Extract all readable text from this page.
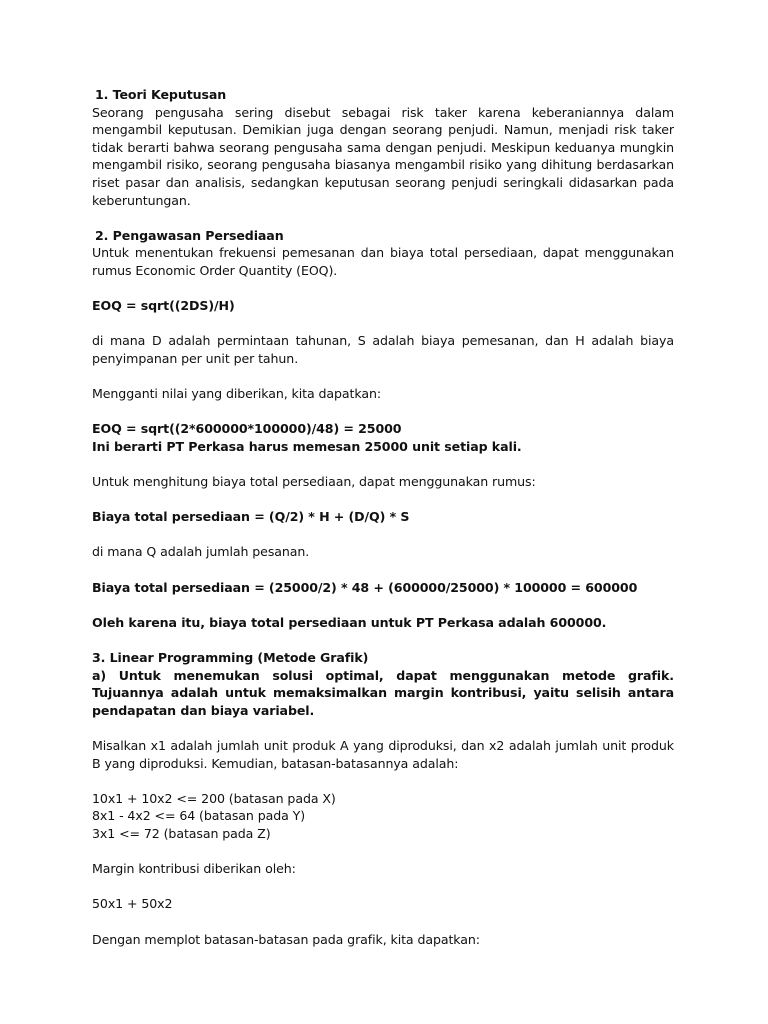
1. Teori Keputusan
Seorang pengusaha sering disebut sebagai risk taker karena keberaniannya dalam mengambil keputusan. Demikian juga dengan seorang penjudi. Namun, menjadi risk taker tidak berarti bahwa seorang pengusaha sama dengan penjudi. Meskipun keduanya mungkin mengambil risiko, seorang pengusaha biasanya mengambil risiko yang dihitung berdasarkan riset pasar dan analisis, sedangkan keputusan seorang penjudi seringkali didasarkan pada keberuntungan.
2. Pengawasan Persediaan
Untuk menentukan frekuensi pemesanan dan biaya total persediaan, dapat menggunakan rumus Economic Order Quantity (EOQ).
EOQ = sqrt((2DS)/H)
di mana D adalah permintaan tahunan, S adalah biaya pemesanan, dan H adalah biaya penyimpanan per unit per tahun.
Mengganti nilai yang diberikan, kita dapatkan:
EOQ = sqrt((2*600000*100000)/48) = 25000
Ini berarti PT Perkasa harus memesan 25000 unit setiap kali.
Untuk menghitung biaya total persediaan, dapat menggunakan rumus:
Biaya total persediaan = (Q/2) * H + (D/Q) * S
di mana Q adalah jumlah pesanan.
Biaya total persediaan = (25000/2) * 48 + (600000/25000) * 100000 = 600000
Oleh karena itu, biaya total persediaan untuk PT Perkasa adalah 600000.
3. Linear Programming (Metode Grafik)
a) Untuk menemukan solusi optimal, dapat menggunakan metode grafik. Tujuannya adalah untuk memaksimalkan margin kontribusi, yaitu selisih antara pendapatan dan biaya variabel.
Misalkan x1 adalah jumlah unit produk A yang diproduksi, dan x2 adalah jumlah unit produk B yang diproduksi. Kemudian, batasan-batasannya adalah:
10x1 + 10x2 <= 200 (batasan pada X)
8x1 - 4x2 <= 64 (batasan pada Y)
3x1 <= 72 (batasan pada Z)
Margin kontribusi diberikan oleh:
50x1 + 50x2
Dengan memplot batasan-batasan pada grafik, kita dapatkan:
